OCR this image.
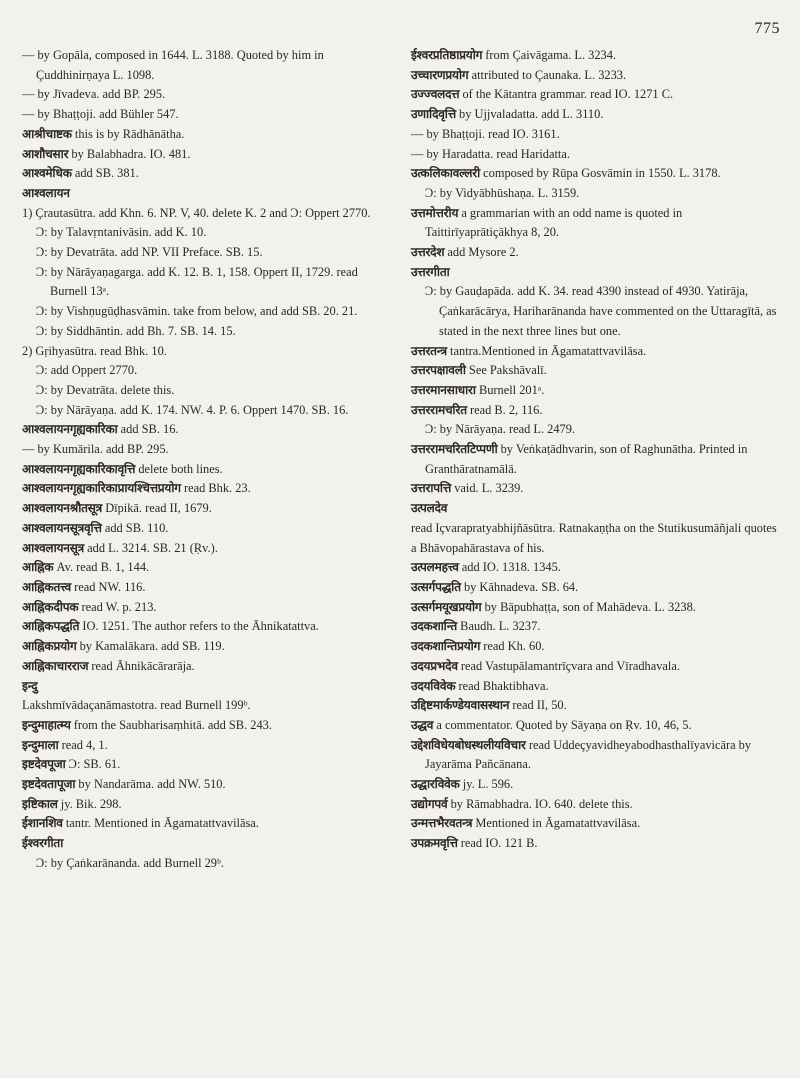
775
— by Gopāla, composed in 1644. L. 3188. Quoted by him in Çuddhinirṇaya L. 1098.
— by Jīvadeva. add BP. 295.
— by Bhaṭṭoji. add Bühler 547.
आश्रीचाष्टक this is by Rādhānātha.
आशौचसार by Balabhadra. IO. 481.
आश्वमेधिक add SB. 381.
आश्वलायन
1) Çrautasūtra. add Khn. 6. NP. V, 40. delete K. 2 and Ͻ: Oppert 2770.
Ͻ: by Talavṛntanivāsin. add K. 10.
Ͻ: by Devatrāta. add NP. VII Preface. SB. 15.
Ͻ: by Nārāyaṇagarga. add K. 12. B. 1, 158. Oppert II, 1729. read Burnell 13ᵃ.
Ͻ: by Vishṇugūḍhasvāmin. take from below, and add SB. 20. 21.
Ͻ: by Siddhāntin. add Bh. 7. SB. 14. 15.
2) Gṛihyasūtra. read Bhk. 10.
Ͻ: add Oppert 2770.
Ͻ: by Devatrāta. delete this.
Ͻ: by Nārāyaṇa. add K. 174. NW. 4. P. 6. Oppert 1470. SB. 16.
आश्वलायनगृह्यकारिका add SB. 16.
— by Kumārila. add BP. 295.
आश्वलायनगृह्यकारिकावृत्ति delete both lines.
आश्वलायनगृह्यकारिकाप्रायश्चित्तप्रयोग read Bhk. 23.
आश्वलायनश्रौतसूत्र Dīpikā. read II, 1679.
आश्वलायनसूत्रवृत्ति add SB. 110.
आश्वलायनसूत्र add L. 3214. SB. 21 (Ṛv.).
आह्निक Av. read B. 1, 144.
आह्निकतत्त्व read NW. 116.
आह्निकदीपक read W. p. 213.
आह्निकपद्धति IO. 1251. The author refers to the Āhnikatattva.
आह्निकप्रयोग by Kamalākara. add SB. 119.
आह्निकाचारराज read Āhnikācārarāja.
इन्दु
Lakshmīvādaçanāmastotra. read Burnell 199ᵇ.
इन्दुमाहात्म्य from the Saubharisaṃhitā. add SB. 243.
इन्दुमाला read 4, 1.
इष्टदेवपूजा Ͻ: SB. 61.
इष्टदेवतापूजा by Nandarāma. add NW. 510.
इष्टिकाल jy. Bik. 298.
ईशानशिव tantr. Mentioned in Āgamatattvavilāsa.
ईश्वरगीता
Ͻ: by Çaṅkarānanda. add Burnell 29ᵇ.
ईश्वरप्रतिष्ठाप्रयोग from Çaivāgama. L. 3234.
उच्चारणप्रयोग attributed to Çaunaka. L. 3233.
उज्ज्वलदत्त of the Kātantra grammar. read IO. 1271 C.
उणादिवृत्ति by Ujjvaladatta. add L. 3110.
— by Bhaṭṭoji. read IO. 3161.
— by Haradatta. read Haridatta.
उत्कलिकावल्लरी composed by Rūpa Gosvāmin in 1550. L. 3178.
Ͻ: by Vidyābhūshaṇa. L. 3159.
उत्तमोत्तरीय a grammarian with an odd name is quoted in Taittirīyaprātiçākhya 8, 20.
उत्तरदेश add Mysore 2.
उत्तरगीता
Ͻ: by Gauḍapāda. add K. 34. read 4390 instead of 4930. Yatirāja, Çaṅkarācārya, Hariharānanda have commented on the Uttaragītā, as stated in the next three lines but one.
उत्तरतन्त्र tantra.Mentioned in Āgamatattvavilāsa.
उत्तरपक्षावली See Pakshāvalī.
उत्तरमानसाधारा Burnell 201ᵃ.
उत्तररामचरित read B. 2, 116.
Ͻ: by Nārāyaṇa. read L. 2479.
उत्तररामचरितटिप्पणी by Veṅkaṭādhvarin, son of Raghunātha. Printed in Granthāratnamālā.
उत्तरापत्ति vaid. L. 3239.
उत्पलदेव
read Içvarapratyabhijñāsūtra. Ratnakaṇṭha on the Stutikusumāñjali quotes a Bhāvopahārastava of his.
उत्पलमहत्त्व add IO. 1318. 1345.
उत्सर्गपद्धति by Kāhnadeva. SB. 64.
उत्सर्गमयूखप्रयोग by Bāpubhaṭṭa, son of Mahādeva. L. 3238.
उदकशान्ति Baudh. L. 3237.
उदकशान्तिप्रयोग read Kh. 60.
उदयप्रभदेव read Vastupālamantrīçvara and Vīradhavala.
उदयविवेक read Bhaktibhava.
उद्दिष्टमार्कण्डेयवासस्थान read II, 50.
उद्धव a commentator. Quoted by Sāyaṇa on Ṛv. 10, 46, 5.
उद्देशविधेयबोधस्थलीयविचार read Uddeçyavidheyabodhasthalīyavicāra by Jayarāma Pañcānana.
उद्धारविवेक jy. L. 596.
उद्योगपर्व by Rāmabhadra. IO. 640. delete this.
उन्मत्तभैरवतन्त्र Mentioned in Āgamatattvavilāsa.
उपक्रमवृत्ति read IO. 121 B.
